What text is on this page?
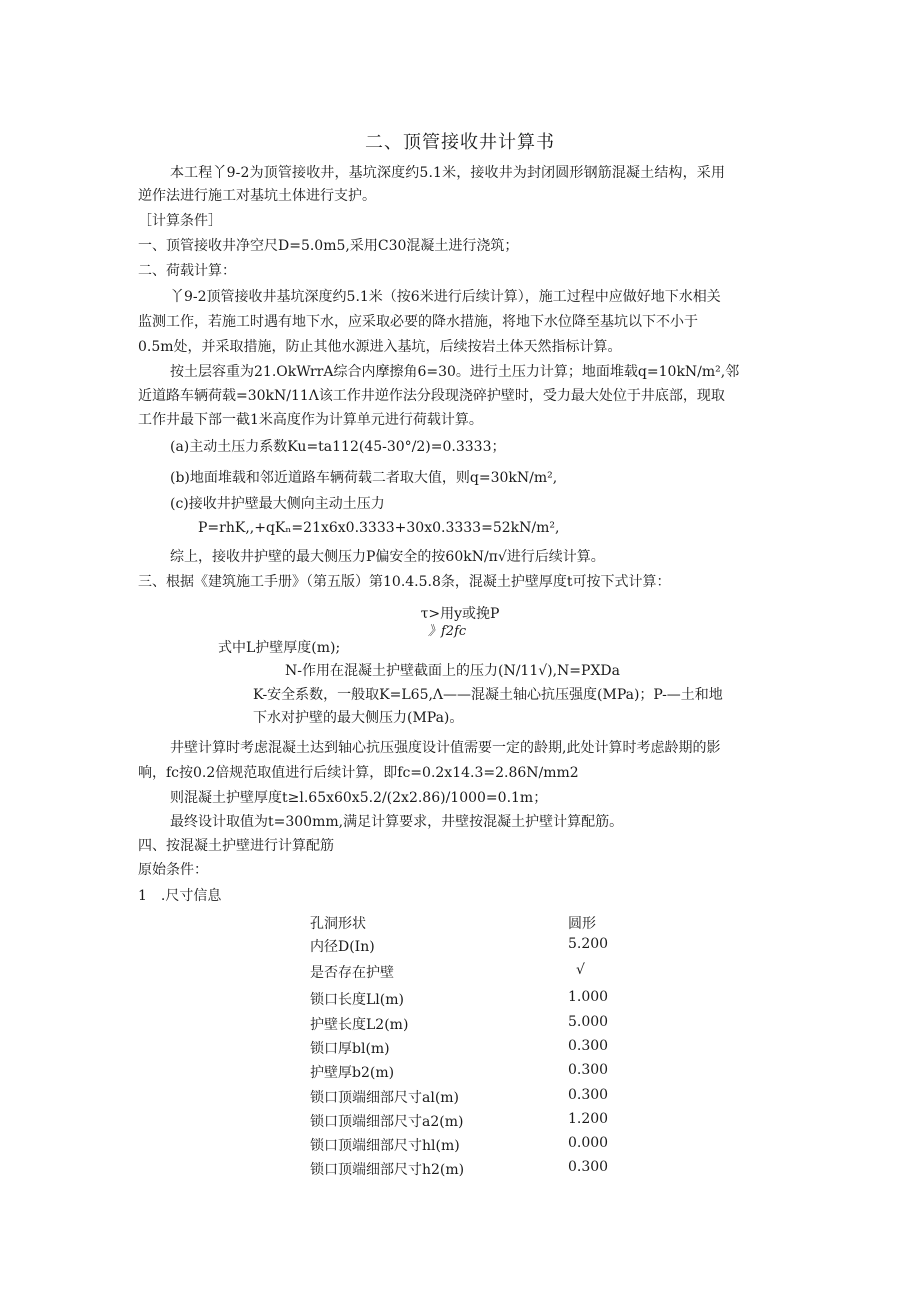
二、顶管接收井计算书
本工程丫9-2为顶管接收井，基坑深度约5.1米，接收井为封闭圆形钢筋混凝土结构，采用
逆作法进行施工对基坑土体进行支护。
［计算条件］
一、顶管接收井净空尺D=5.0m5,采用C30混凝土进行浇筑；
二、荷载计算：
丫9-2顶管接收井基坑深度约5.1米（按6米进行后续计算），施工过程中应做好地下水相关
监测工作，若施工时遇有地下水，应采取必要的降水措施，将地下水位降至基坑以下不小于
0.5m处，并采取措施，防止其他水源进入基坑，后续按岩土体天然指标计算。
按土层容重为21.OkWrrA综合内摩擦角6=30。进行土压力计算；地面堆载q=10kN∕m²,邻
近道路车辆荷载=30kN∕11Λ该工作井逆作法分段现浇碎护壁时，受力最大处位于井底部，现取
工作井最下部一截1米高度作为计算单元进行荷载计算。
(a)主动土压力系数Ku=ta112(45-30°/2)=0.3333；
(b)地面堆载和邻近道路车辆荷载二者取大值，则q=30kN∕m²,
(c)接收井护壁最大侧向主动土压力
P=rhK,,+qKₙ=21x6x0.3333+30x0.3333=52kN/m²,
综上，接收井护壁的最大侧压力P偏安全的按60kN∕π√进行后续计算。
三、根据《建筑施工手册》（第五版）第10.4.5.8条，混凝土护壁厚度t可按下式计算：
τ>用y或挽P
》f2fc
式中L护壁厚度(m);
N-作用在混凝土护壁截面上的压力(N∕11√),N=PXDa
K-安全系数，一般取K=L65,Λ——混凝土轴心抗压强度(MPa)；P-—土和地
下水对护壁的最大侧压力(MPa)。
井壁计算时考虑混凝土达到轴心抗压强度设计值需要一定的龄期,此处计算时考虑龄期的影
响，fc按0.2倍规范取值进行后续计算，即fc=0.2x14.3=2.86N∕mm2
则混凝土护壁厚度t≥l.65x60x5.2/(2x2.86)/1000=0.1m；
最终设计取值为t=300mm,满足计算要求，井壁按混凝土护壁计算配筋。
四、按混凝土护壁进行计算配筋
原始条件：
1　.尺寸信息
孔洞形状	圆形
内径D(In)	5.200
是否存在护壁	√
锁口长度Ll(m)	1.000
护壁长度L2(m)	5.000
锁口厚bl(m)	0.300
护壁厚b2(m)	0.300
锁口顶端细部尺寸al(m)	0.300
锁口顶端细部尺寸a2(m)	1.200
锁口顶端细部尺寸hl(m)	0.000
锁口顶端细部尺寸h2(m)	0.300
